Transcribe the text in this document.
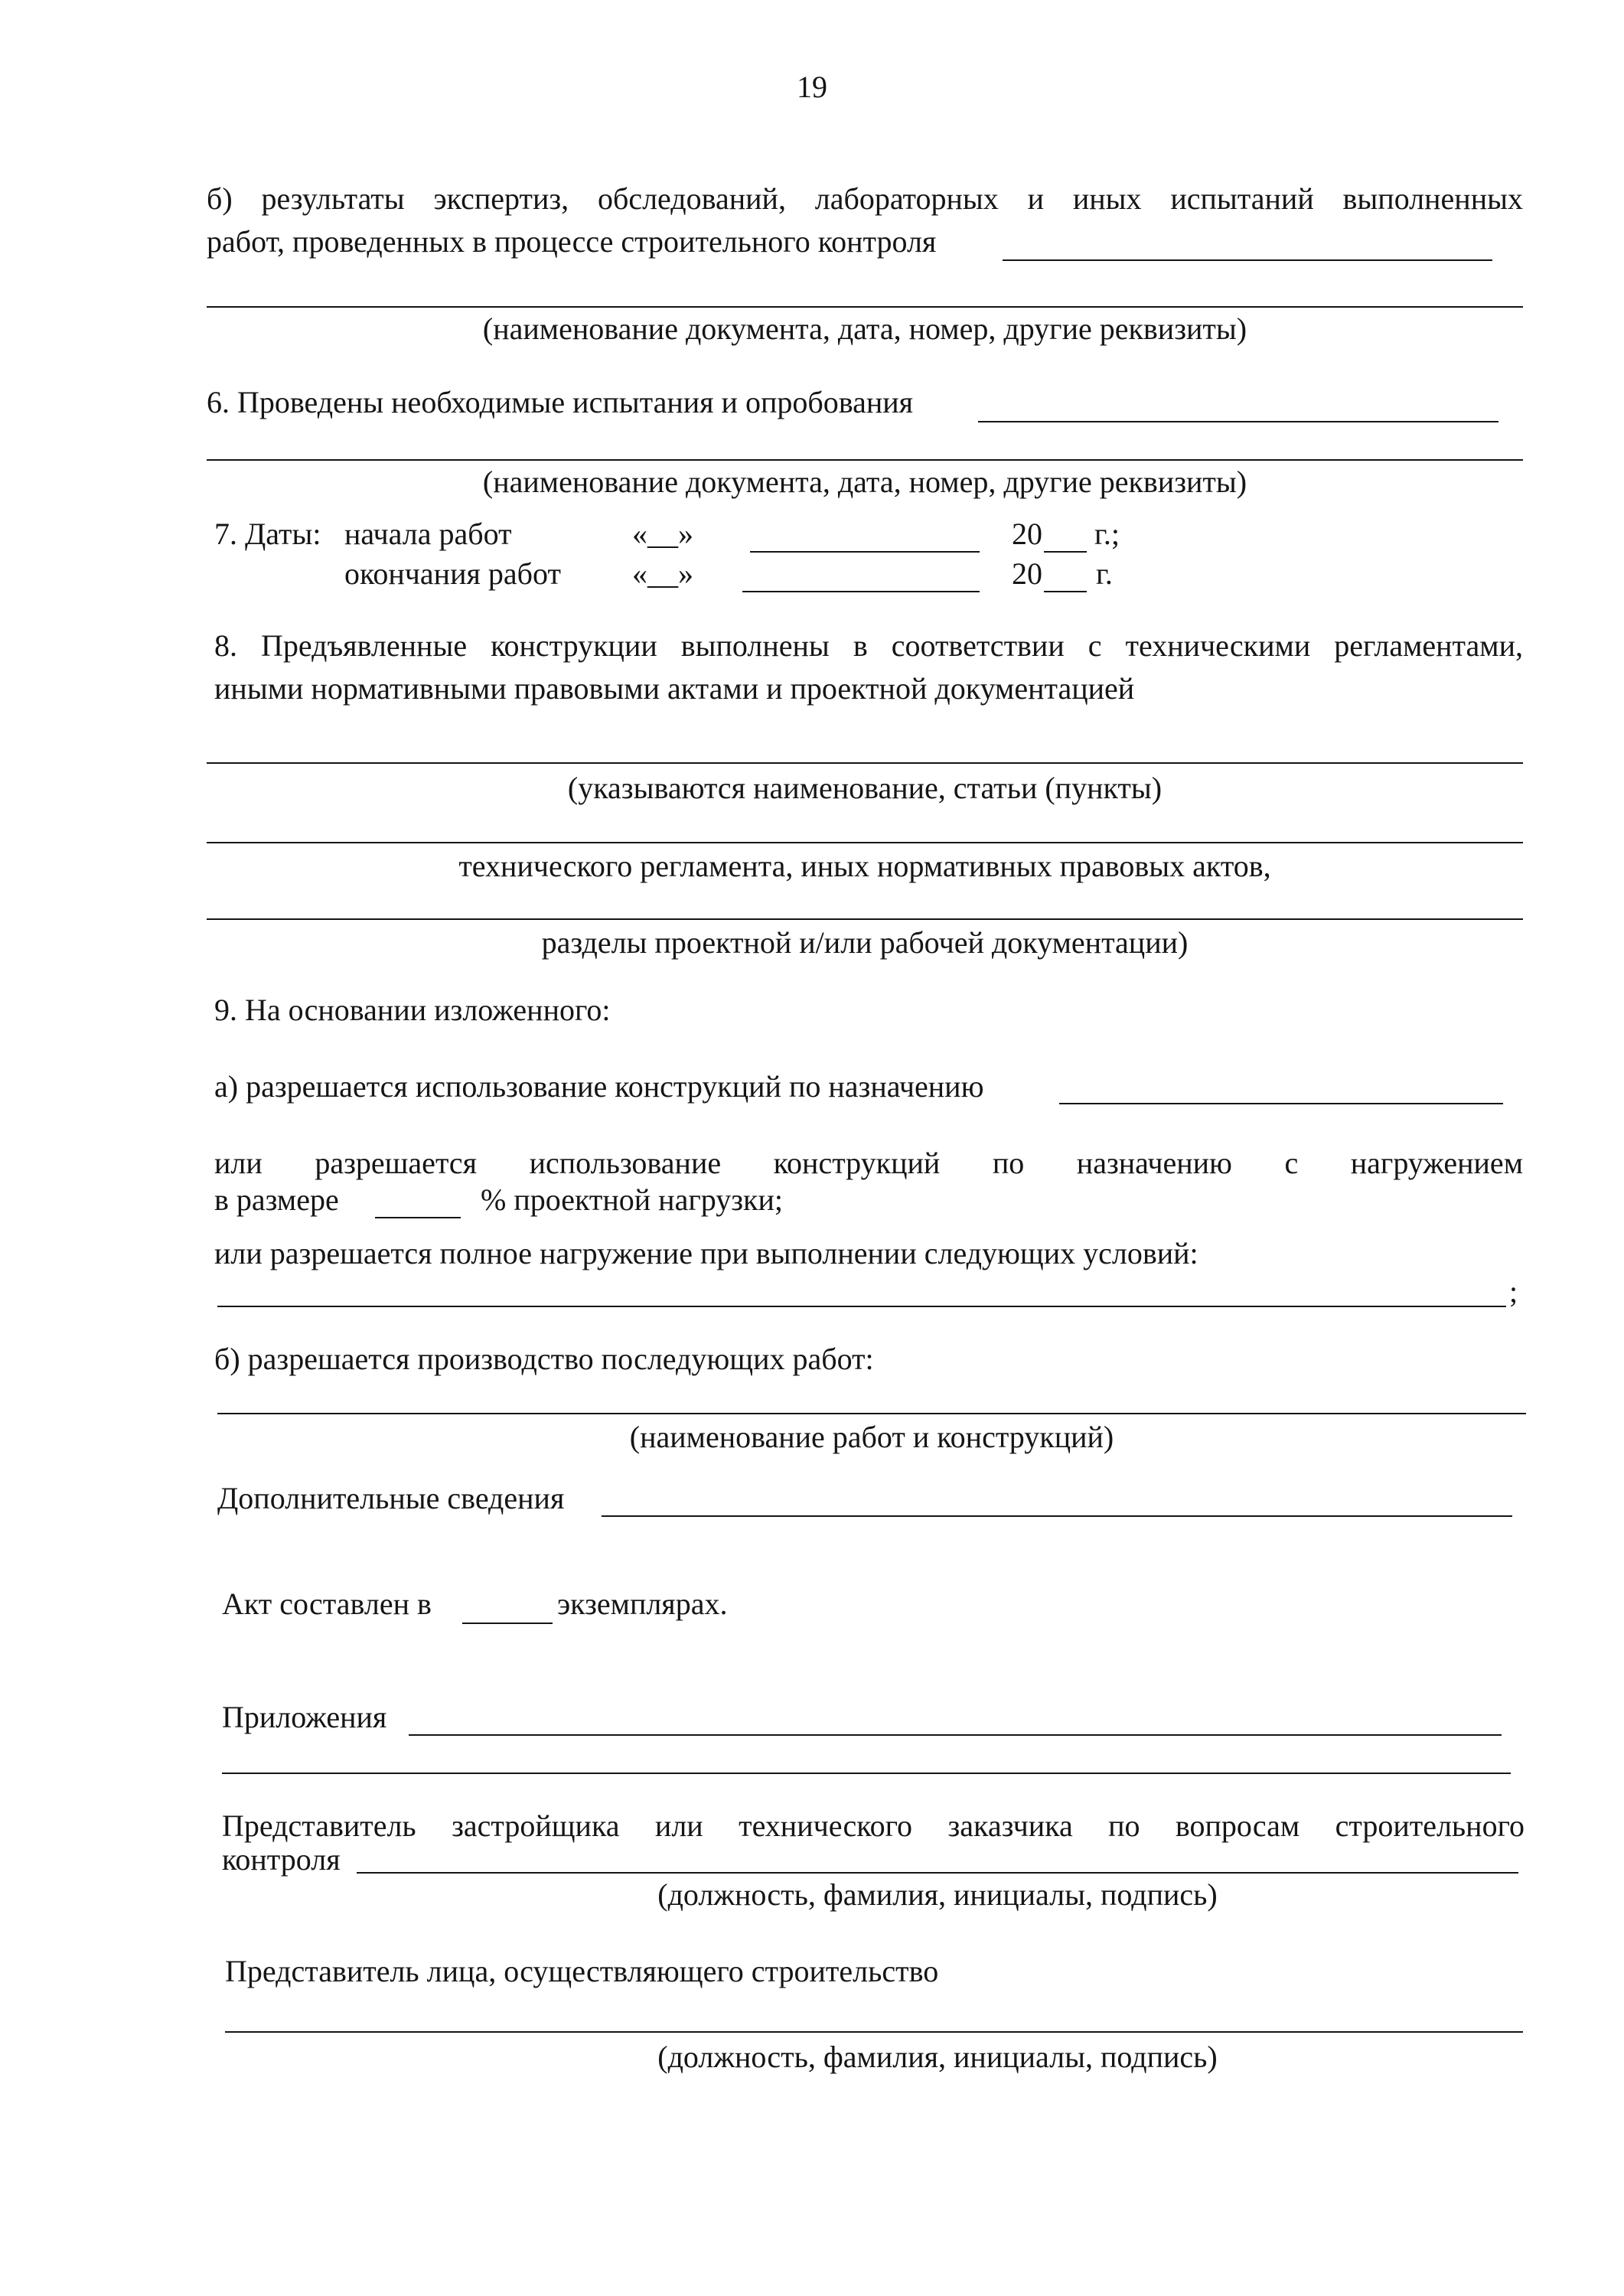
19
б) результаты экспертиз, обследований, лабораторных и иных испытаний выполненных
работ, проведенных в процессе строительного контроля
(наименование документа, дата, номер, другие реквизиты)
6. Проведены необходимые испытания и опробования
(наименование документа, дата, номер, другие реквизиты)
7. Даты: начала работ	«__»	20 г.;
окончания работ «__»	20 г.
8. Предъявленные конструкции выполнены в соответствии с техническими регламентами,
иными нормативными правовыми актами и проектной документацией
(указываются наименование, статьи (пункты)
технического регламента, иных нормативных правовых актов,
разделы проектной и/или рабочей документации)
9. На основании изложенного:
а) разрешается использование конструкций по назначению
или разрешается использование конструкций по назначению с нагружением
в размере	% проектной нагрузки;
или разрешается полное нагружение при выполнении следующих условий:
;
б) разрешается производство последующих работ:
(наименование работ и конструкций)
Дополнительные сведения
Акт составлен в	экземплярах.
Приложения
Представитель застройщика или технического заказчика по вопросам строительного
контроля
(должность, фамилия, инициалы, подпись)
Представитель лица, осуществляющего строительство
(должность, фамилия, инициалы, подпись)
